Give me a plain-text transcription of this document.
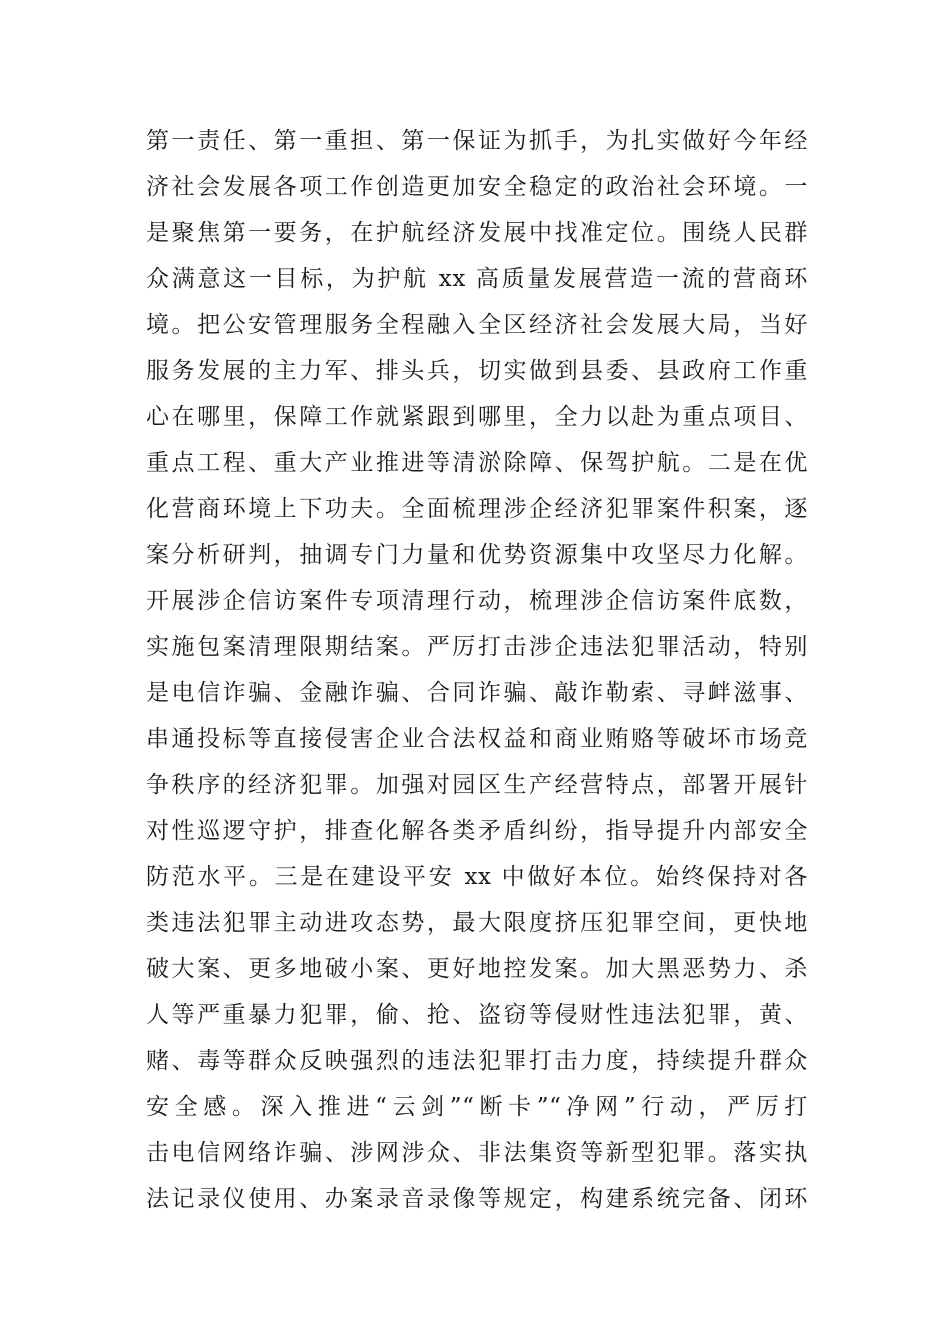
第一责任、第一重担、第一保证为抓手，为扎实做好今年经
济社会发展各项工作创造更加安全稳定的政治社会环境。一
是聚焦第一要务，在护航经济发展中找准定位。围绕人民群
众满意这一目标，为护航 xx 高质量发展营造一流的营商环
境。把公安管理服务全程融入全区经济社会发展大局，当好
服务发展的主力军、排头兵，切实做到县委、县政府工作重
心在哪里，保障工作就紧跟到哪里，全力以赴为重点项目、
重点工程、重大产业推进等清淤除障、保驾护航。二是在优
化营商环境上下功夫。全面梳理涉企经济犯罪案件积案，逐
案分析研判，抽调专门力量和优势资源集中攻坚尽力化解。
开展涉企信访案件专项清理行动，梳理涉企信访案件底数，
实施包案清理限期结案。严厉打击涉企违法犯罪活动，特别
是电信诈骗、金融诈骗、合同诈骗、敲诈勒索、寻衅滋事、
串通投标等直接侵害企业合法权益和商业贿赂等破坏市场竞
争秩序的经济犯罪。加强对园区生产经营特点，部署开展针
对性巡逻守护，排查化解各类矛盾纠纷，指导提升内部安全
防范水平。三是在建设平安 xx 中做好本位。始终保持对各
类违法犯罪主动进攻态势，最大限度挤压犯罪空间，更快地
破大案、更多地破小案、更好地控发案。加大黑恶势力、杀
人等严重暴力犯罪，偷、抢、盗窃等侵财性违法犯罪，黄、
赌、毒等群众反映强烈的违法犯罪打击力度，持续提升群众
安全感。深入推进“云剑”“断卡”“净网”行动，严厉打
击电信网络诈骗、涉网涉众、非法集资等新型犯罪。落实执
法记录仪使用、办案录音录像等规定，构建系统完备、闭环
